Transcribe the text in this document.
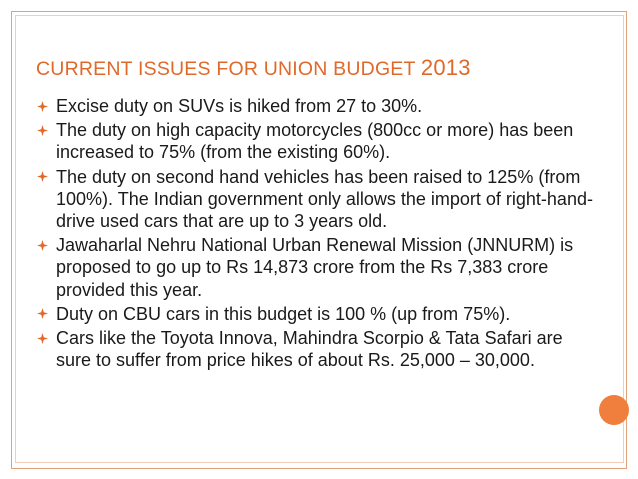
CURRENT ISSUES FOR UNION BUDGET 2013
Excise duty on SUVs is hiked from 27 to 30%.
The duty on high capacity motorcycles (800cc or more) has been increased to 75% (from the existing 60%).
The duty on second hand vehicles has been raised to 125% (from 100%). The Indian government only allows the import of right-hand-drive used cars that are up to 3 years old.
Jawaharlal Nehru National Urban Renewal Mission (JNNURM) is proposed to go up to Rs 14,873 crore from the Rs 7,383 crore provided this year.
Duty on CBU cars in this budget is 100 % (up from 75%).
Cars like the Toyota Innova, Mahindra Scorpio & Tata Safari are sure to suffer from price hikes of about Rs. 25,000 – 30,000.
